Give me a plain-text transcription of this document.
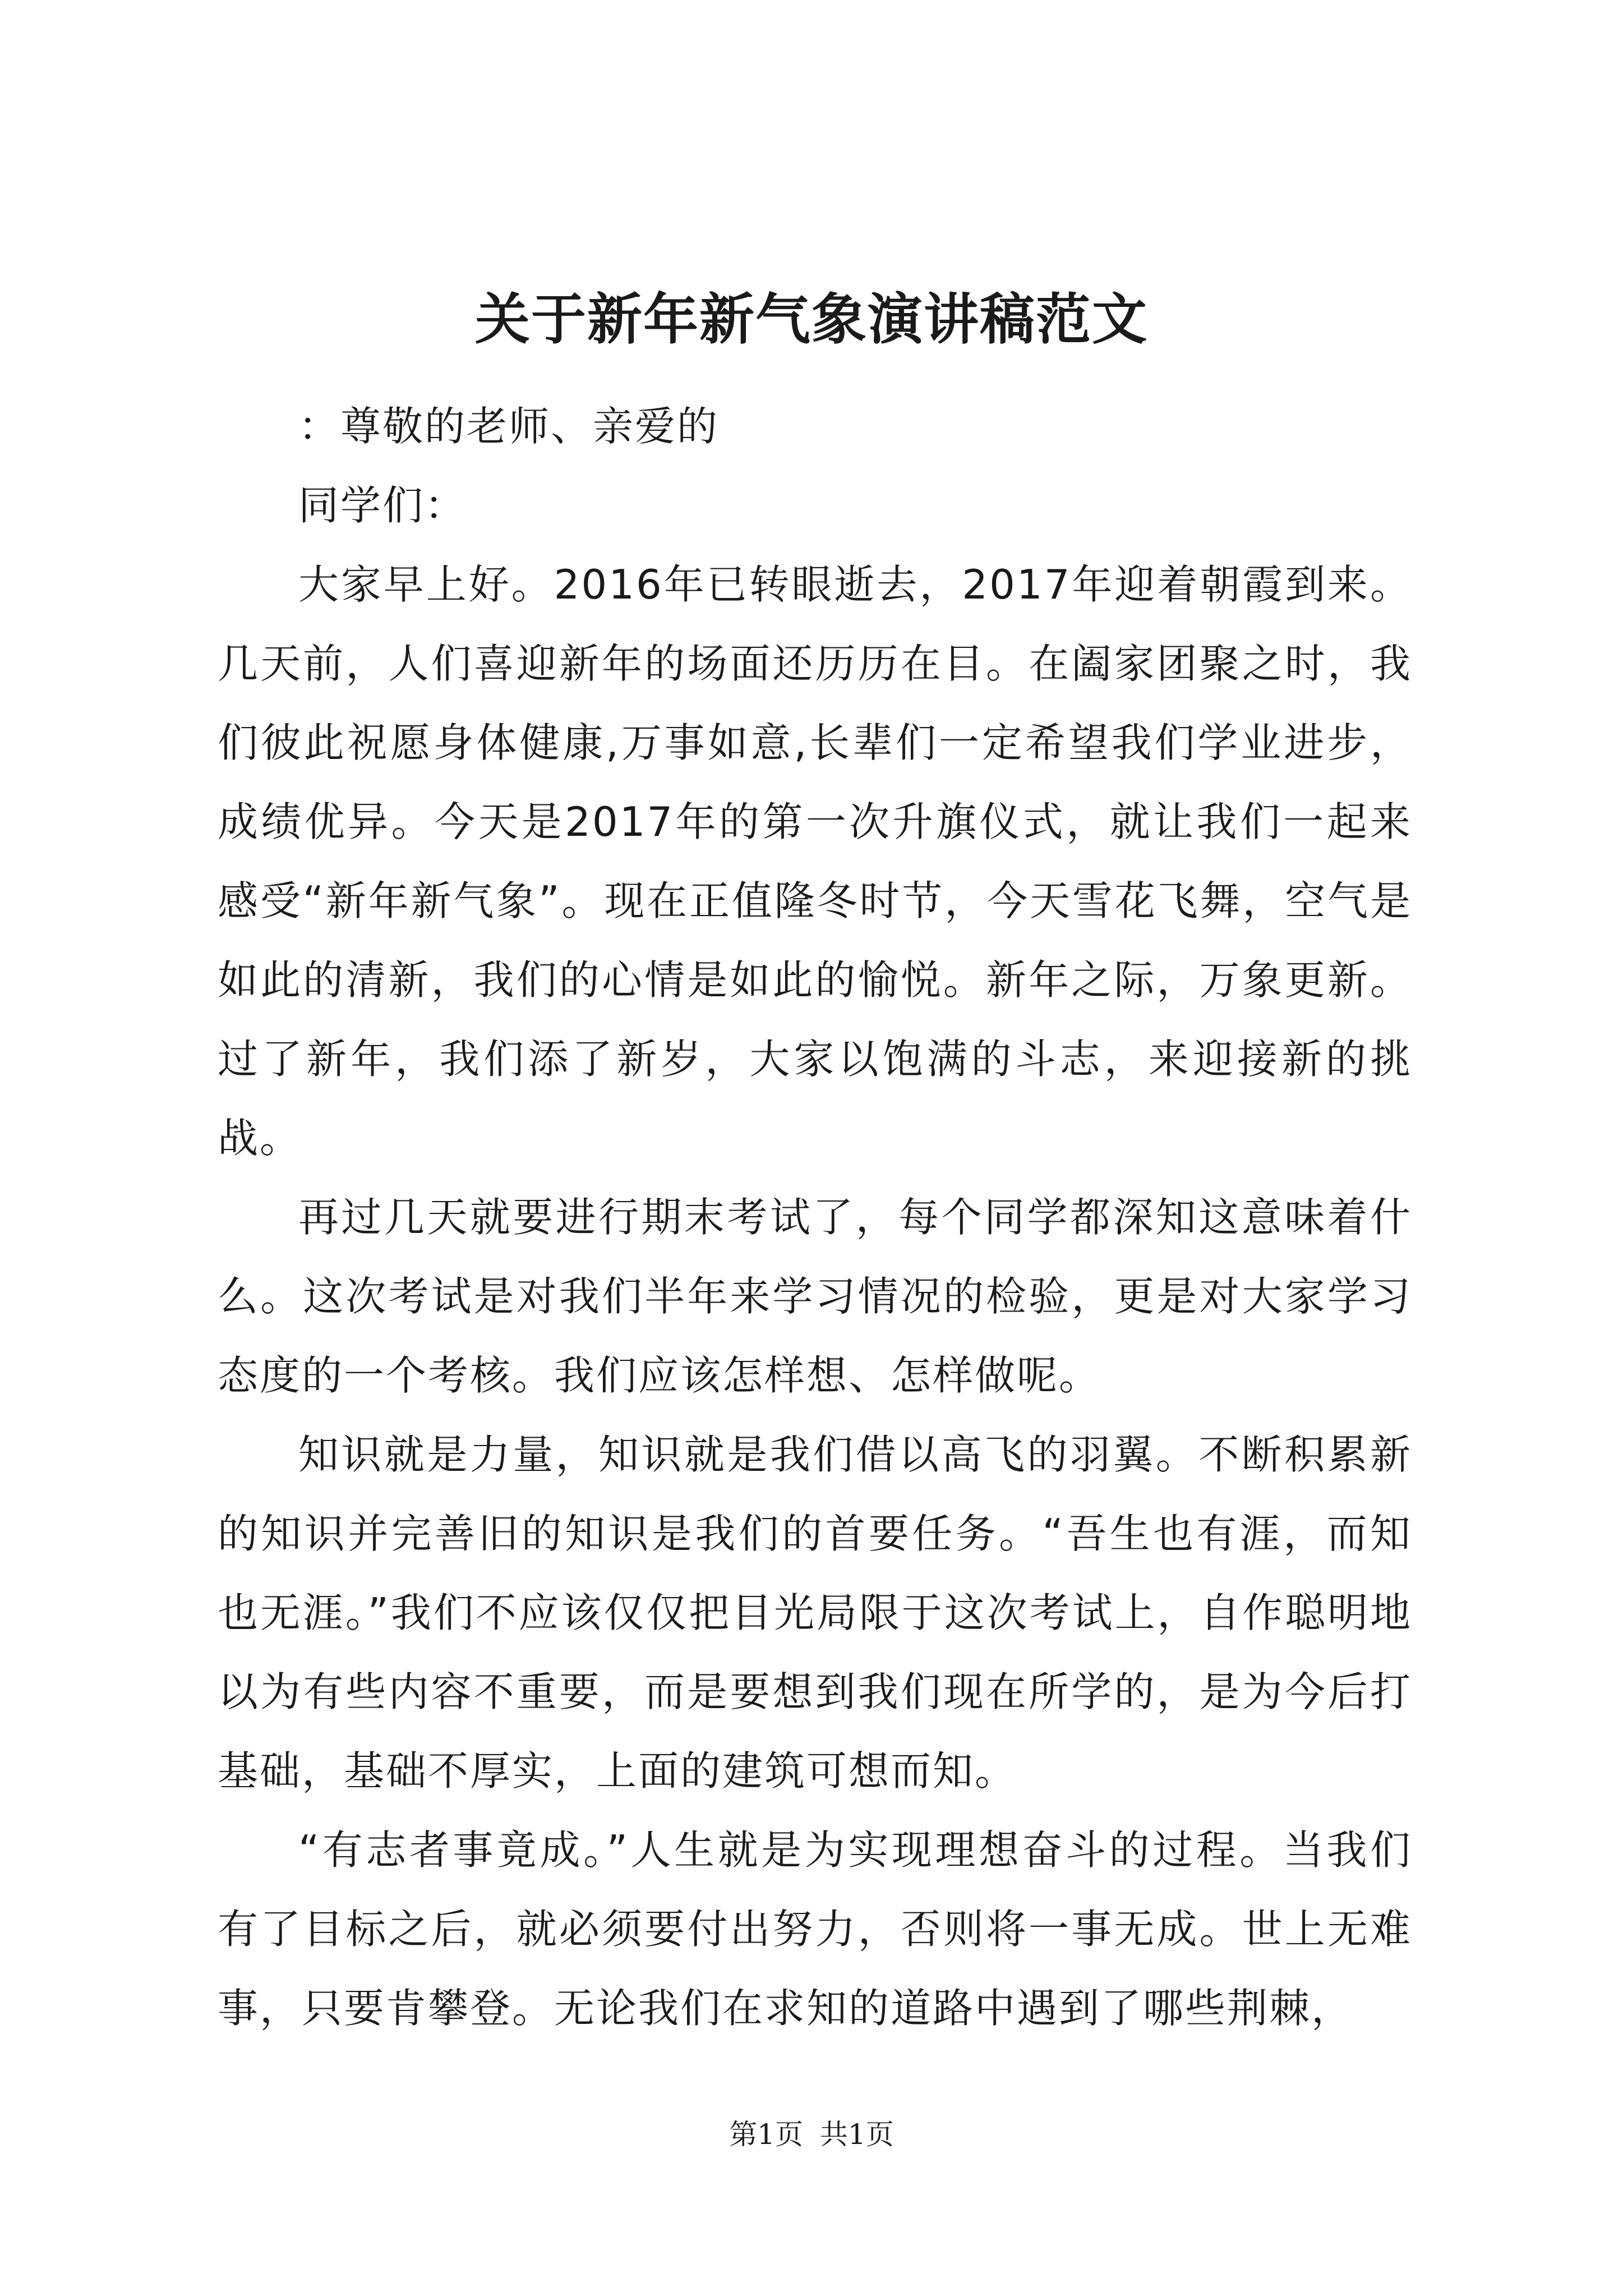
关于新年新气象演讲稿范文

：尊敬的老师、亲爱的

同学们：

大家早上好。2016年已转眼逝去，2017年迎着朝霞到来。几天前，人们喜迎新年的场面还历历在目。在阖家团聚之时，我们彼此祝愿身体健康,万事如意,长辈们一定希望我们学业进步，成绩优异。今天是2017年的第一次升旗仪式，就让我们一起来感受“新年新气象”。现在正值隆冬时节，今天雪花飞舞，空气是如此的清新，我们的心情是如此的愉悦。新年之际，万象更新。过了新年，我们添了新岁，大家以饱满的斗志，来迎接新的挑战。

再过几天就要进行期末考试了，每个同学都深知这意味着什么。这次考试是对我们半年来学习情况的检验，更是对大家学习态度的一个考核。我们应该怎样想、怎样做呢。

知识就是力量，知识就是我们借以高飞的羽翼。不断积累新的知识并完善旧的知识是我们的首要任务。“吾生也有涯，而知也无涯。”我们不应该仅仅把目光局限于这次考试上，自作聪明地以为有些内容不重要，而是要想到我们现在所学的，是为今后打基础，基础不厚实，上面的建筑可想而知。

“有志者事竟成。”人生就是为实现理想奋斗的过程。当我们有了目标之后，就必须要付出努力，否则将一事无成。世上无难事，只要肯攀登。无论我们在求知的道路中遇到了哪些荆棘，

第1页 共1页
